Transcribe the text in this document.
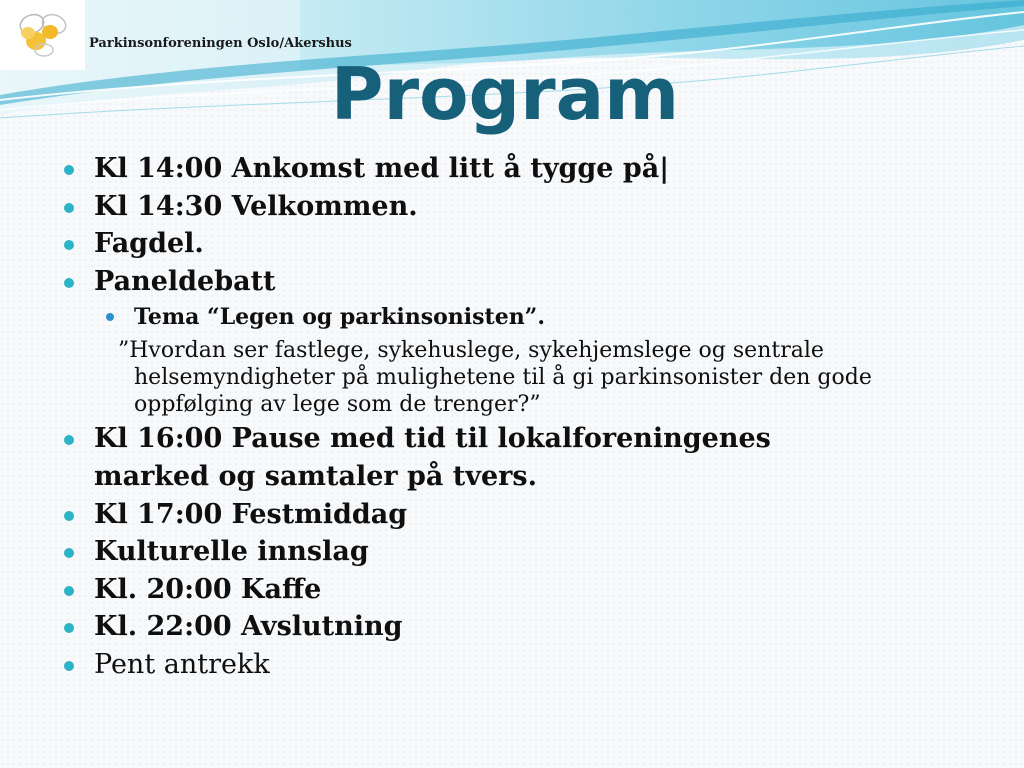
Parkinsonforeningen Oslo/Akershus
Program
Kl 14:00 Ankomst med litt å tygge på|
Kl 14:30 Velkommen.
Fagdel.
Paneldebatt
Tema “Legen og parkinsonisten”.
”Hvordan ser fastlege, sykehuslege, sykehjemslege og sentrale
helsemyndigheter på mulighetene til å gi parkinsonister den gode
oppfølging av lege som de trenger?”
Kl 16:00 Pause med tid til lokalforeningenes
marked og samtaler på tvers.
Kl 17:00 Festmiddag
Kulturelle innslag
Kl. 20:00 Kaffe
Kl. 22:00 Avslutning
Pent antrekk
